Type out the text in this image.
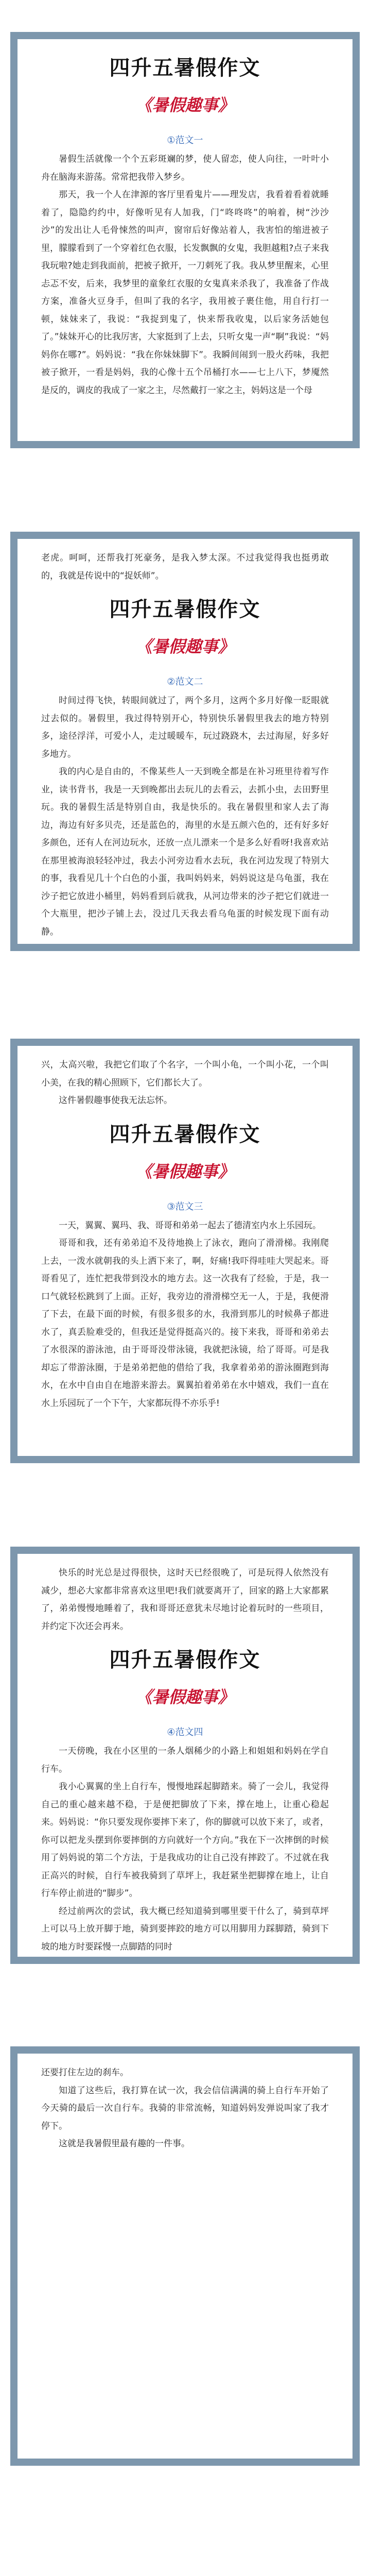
四升五暑假作文
《暑假趣事》
①范文一

暑假生活就像一个个五彩斑斓的梦，使人留恋，使人向往，一叶叶小舟在脑海来游荡。常常把我带入梦乡。

那天，我一个人在津源的客厅里看鬼片——理发店，我看着看着就睡着了，隐隐约约中，好像听见有人加我，门“咚咚咚”的响着，树“沙沙沙”的发出让人毛骨悚然的叫声，窗帘后好像站着人，我害怕的缩进被子里，朦朦看到了一个穿着红色衣服，长发飘飘的女鬼，我胆越粗?点子来我我玩啦?她走到我面前，把被子掀开，一刀刺死了我。我从梦里醒来，心里忐忑不安，后来，我梦里的童象红衣服的女鬼真来杀我了，我准备了作战方案，准备火豆身手，但叫了我的名字，我用被子裹住他，用自行打一顿，妹妹来了，我说：“我捉到鬼了，快来帮我收鬼，以后家务活她包了。”妹妹开心的比我厉害，大家挺到了上去，只听女鬼一声“啊”我说：“妈妈你在哪?”。妈妈说：“我在你妹妹脚下”。我瞬间闹到一股火药味，我把被子掀开，一看是妈妈，我的心像十五个吊桶打水——七上八下，梦魇然是反的，调皮的我成了一家之主，尽然戴打一家之主，妈妈这是一个母

老虎。呵呵，还帮我打死豪务，是我入梦太深。不过我觉得我也挺勇敢的，我就是传说中的“捉妖师”。

四升五暑假作文
《暑假趣事》
②范文二

时间过得飞快，转眼间就过了，两个多月，这两个多月好像一眨眼就过去似的。暑假里，我过得特别开心，特别快乐暑假里我去的地方特别多，途径浮洋，可爱小人，走过暖暖车，玩过跷跷木，去过海屋，好多好多地方。

我的内心是自由的，不像某些人一天到晚全都是在补习班里待着写作业，读书背书，我是一天到晚都出去玩儿的去看云，去抓小虫，去田野里玩。我的暑假生活是特别自由，我是快乐的。我在暑假里和家人去了海边，海边有好多贝壳，还是蓝色的，海里的水是五颜六色的，还有好多好多颜色，还有人在河边玩水，还放一点儿漂来一个是多么好看呀!我喜欢站在那里被海浪轻轻冲过，我去小河旁边看水去玩，我在河边发现了特别大的事，我看见几十个白色的小蛋，我叫妈妈来，妈妈说这是乌龟蛋，我在沙子把它放进小桶里，妈妈看到后就我，从河边带来的沙子把它们就进一个大瓶里，把沙子铺上去，没过几天我去看乌龟蛋的时候发现下面有动静。

轻轻的把沙子扒开啊，小乌龟，小乌龟破壳啦，我十分高

兴，太高兴啦，我把它们取了个名字，一个叫小龟，一个叫小花，一个叫小美，在我的精心照顾下，它们都长大了。

这件暑假趣事使我无法忘怀。

四升五暑假作文
《暑假趣事》
③范文三

一天，翼翼、翼玛、我、哥哥和弟弟一起去了德清室内水上乐园玩。

哥哥和我，还有弟弟迫不及待地换上了泳衣，跑向了滑滑梯。我刚爬上去，一泼水就朝我的头上洒下来了，啊，好痛!我吓得哇哇大哭起来。哥哥看见了，连忙把我带到没水的地方去。这一次我有了经验，于是，我一口气就轻松跳到了上面。正好，我旁边的滑滑梯空无一人，于是，我便滑了下去，在最下面的时候，有很多很多的水，我滑到那儿的时候鼻子都进水了，真丢脸难受的，但我还是觉得挺高兴的。接下来我，哥哥和弟弟去了水很深的游泳池，由于哥哥没带泳镜，我就把泳镜，给了哥哥。可是我却忘了带游泳圈，于是弟弟把他的借给了我，我拿着弟弟的游泳圈跑到海水，在水中自由自在地游来游去。翼翼拍着弟弟在水中嬉戏，我们一直在水上乐园玩了一个下午，大家都玩得不亦乐乎!

快乐的时光总是过得很快，这时天已经很晚了，可是玩得人依然没有减少，想必大家都非常喜欢这里吧!我们就要离开了，回家的路上大家都累了，弟弟慢慢地睡着了，我和哥哥还意犹未尽地讨论着玩时的一些项目，并约定下次还会再来。

四升五暑假作文
《暑假趣事》
④范文四

一天傍晚，我在小区里的一条人烟稀少的小路上和姐姐和妈妈在学自行车。

我小心翼翼的坐上自行车，慢慢地踩起脚踏来。骑了一会儿，我觉得自己的重心越来越不稳，于是便把脚放了下来，撑在地上，让重心稳起来。妈妈说：“你只要发现你要摔下来了，你的脚就可以放下来了，或者，你可以把龙头摆到你要摔倒的方向就好一个方向。”我在下一次摔倒的时候用了妈妈说的第二个方法，于是我成功的让自己没有摔跤了。不过就在我正高兴的时候，自行车被我骑到了草坪上，我赶紧坐把脚撑在地上，让自行车停止前进的“脚步”。

经过前两次的尝试，我大概已经知道骑到哪里要干什么了，骑到草坪上可以马上放开脚于地，骑到要摔跤的地方可以用脚用力踩脚踏，骑到下坡的地方时要踩慢一点脚踏的同时

还要打住左边的刹车。

知道了这些后，我打算在试一次，我会信信满满的骑上自行车开始了今天骑的最后一次自行车。我骑的非常流畅，知道妈妈发弹说叫家了我才停下。

这就是我暑假里最有趣的一件事。
